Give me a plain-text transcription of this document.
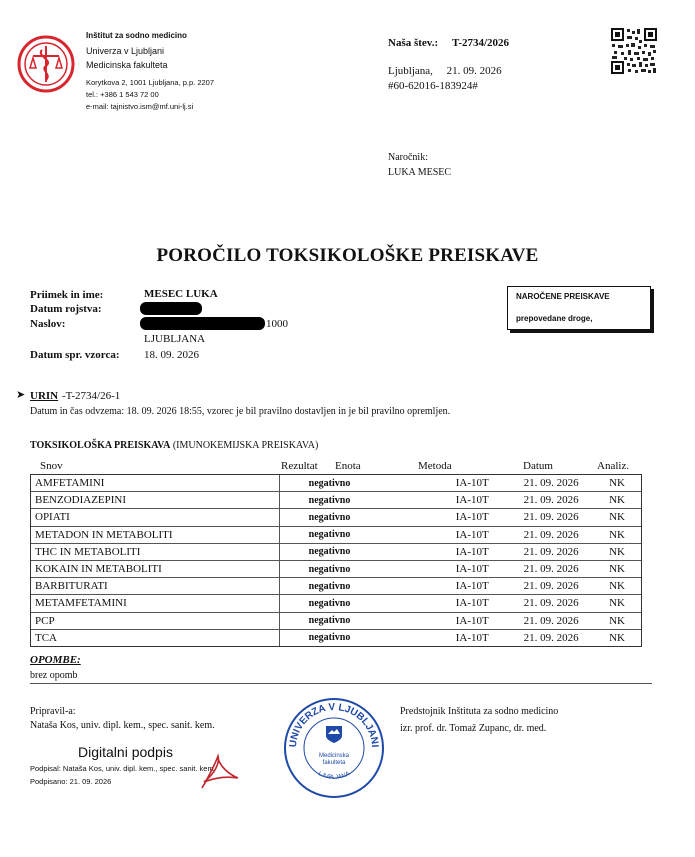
Inštitut za sodno medicino
Univerza v Ljubljani
Medicinska fakulteta
Korytkova 2, 1001 Ljubljana, p.p. 2207
tel.: +386 1 543 72 00
e-mail: tajnistvo.ism@mf.uni-lj.si
Naša štev.: T-2734/2026
Ljubljana,     21. 09. 2026
#60-62016-183924#
Naročnik:
LUKA MESEC
POROČILO TOKSIKOLOŠKE PREISKAVE
Priimek in ime:	MESEC LUKA
Datum rojstva:
Naslov:	1000
LJUBLJANA
Datum spr. vzorca: 18. 09. 2026
NAROČENE PREISKAVE
prepovedane droge,
➤ URIN -T-2734/26-1
Datum in čas odvzema: 18. 09. 2026 18:55, vzorec je bil pravilno dostavljen in je bil pravilno opremljen.
TOKSIKOLOŠKA PREISKAVA (IMUNOKEMIJSKA PREISKAVA)
Snov	Rezultat Enota	Metoda	Datum	Analiz.
AMFETAMINI	negativno	IA-10T	21. 09. 2026	NK
BENZODIAZEPINI	negativno	IA-10T	21. 09. 2026	NK
OPIATI	negativno	IA-10T	21. 09. 2026	NK
METADON IN METABOLITI	negativno	IA-10T	21. 09. 2026	NK
THC IN METABOLITI	negativno	IA-10T	21. 09. 2026	NK
KOKAIN IN METABOLITI	negativno	IA-10T	21. 09. 2026	NK
BARBITURATI	negativno	IA-10T	21. 09. 2026	NK
METAMFETAMINI	negativno	IA-10T	21. 09. 2026	NK
PCP	negativno	IA-10T	21. 09. 2026	NK
TCA	negativno	IA-10T	21. 09. 2026	NK
OPOMBE:
brez opomb
Pripravil-a:
Nataša Kos, univ. dipl. kem., spec. sanit. kem.
Digitalni podpis
Podpisal: Nataša Kos, univ. dipl. kem., spec. sanit. kem.
Podpisano: 21. 09. 2026
UNIVERZA V LJUBLJANI
LJUBLJANA
Medicinska
fakulteta
Predstojnik Inštituta za sodno medicino
izr. prof. dr. Tomaž Zupanc, dr. med.
